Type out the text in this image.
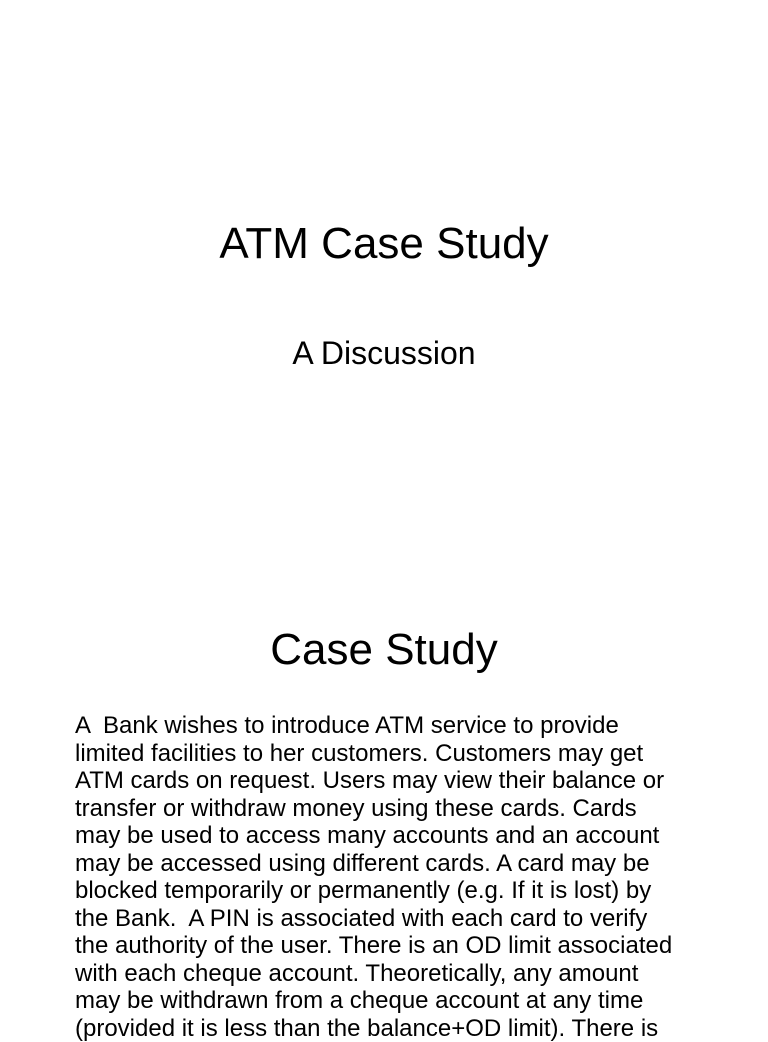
ATM Case Study
A Discussion
Case Study
A  Bank wishes to introduce ATM service to provide
limited facilities to her customers. Customers may get
ATM cards on request. Users may view their balance or
transfer or withdraw money using these cards. Cards
may be used to access many accounts and an account
may be accessed using different cards. A card may be
blocked temporarily or permanently (e.g. If it is lost) by
the Bank.  A PIN is associated with each card to verify
the authority of the user. There is an OD limit associated
with each cheque account. Theoretically, any amount
may be withdrawn from a cheque account at any time
(provided it is less than the balance+OD limit). There is
